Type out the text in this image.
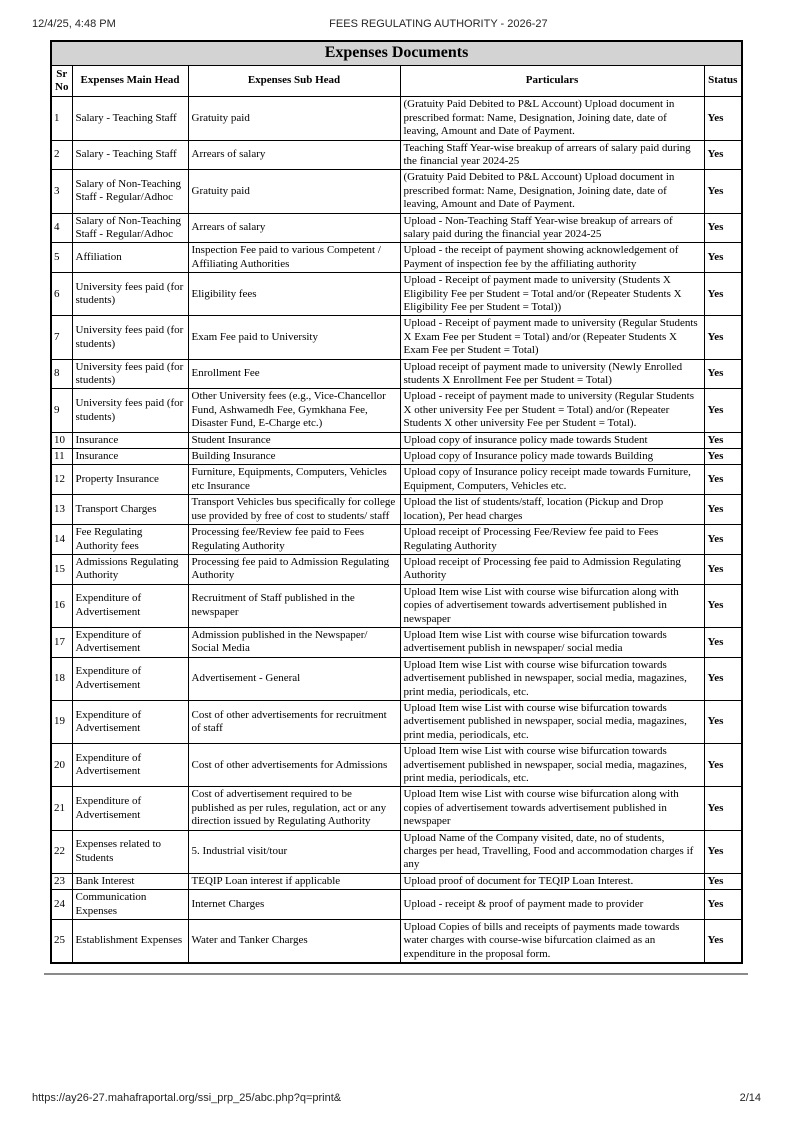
12/4/25, 4:48 PM	FEES REGULATING AUTHORITY - 2026-27
Expenses Documents				
Sr No	Expenses Main Head	Expenses Sub Head	Particulars	Status
1	Salary - Teaching Staff	Gratuity paid	(Gratuity Paid Debited to P&L Account) Upload document in prescribed format: Name, Designation, Joining date, date of leaving, Amount and Date of Payment.	Yes
2	Salary - Teaching Staff	Arrears of salary	Teaching Staff Year-wise breakup of arrears of salary paid during the financial year 2024-25	Yes
3	Salary of Non-Teaching Staff - Regular/Adhoc	Gratuity paid	(Gratuity Paid Debited to P&L Account) Upload document in prescribed format: Name, Designation, Joining date, date of leaving, Amount and Date of Payment.	Yes
4	Salary of Non-Teaching Staff - Regular/Adhoc	Arrears of salary	Upload - Non-Teaching Staff Year-wise breakup of arrears of salary paid during the financial year 2024-25	Yes
5	Affiliation	Inspection Fee paid to various Competent / Affiliating Authorities	Upload - the receipt of payment showing acknowledgement of Payment of inspection fee by the affiliating authority	Yes
6	University fees paid (for students)	Eligibility fees	Upload - Receipt of payment made to university (Students X Eligibility Fee per Student = Total and/or (Repeater Students X Eligibility Fee per Student = Total))	Yes
7	University fees paid (for students)	Exam Fee paid to University	Upload - Receipt of payment made to university (Regular Students X Exam Fee per Student = Total) and/or (Repeater Students X Exam Fee per Student = Total)	Yes
8	University fees paid (for students)	Enrollment Fee	Upload receipt of payment made to university (Newly Enrolled students X Enrollment Fee per Student = Total)	Yes
9	University fees paid (for students)	Other University fees (e.g., Vice-Chancellor Fund, Ashwamedh Fee, Gymkhana Fee, Disaster Fund, E-Charge etc.)	Upload - receipt of payment made to university (Regular Students X other university Fee per Student = Total) and/or (Repeater Students X other university Fee per Student = Total).	Yes
10	Insurance	Student Insurance	Upload copy of insurance policy made towards Student	Yes
11	Insurance	Building Insurance	Upload copy of Insurance policy made towards Building	Yes
12	Property Insurance	Furniture, Equipments, Computers, Vehicles etc Insurance	Upload copy of Insurance policy receipt made towards Furniture, Equipment, Computers, Vehicles etc.	Yes
13	Transport Charges	Transport Vehicles bus specifically for college use provided by free of cost to students/ staff	Upload the list of students/staff, location (Pickup and Drop location), Per head charges	Yes
14	Fee Regulating Authority fees	Processing fee/Review fee paid to Fees Regulating Authority	Upload receipt of Processing Fee/Review fee paid to Fees Regulating Authority	Yes
15	Admissions Regulating Authority	Processing fee paid to Admission Regulating Authority	Upload receipt of Processing fee paid to Admission Regulating Authority	Yes
16	Expenditure of Advertisement	Recruitment of Staff published in the newspaper	Upload Item wise List with course wise bifurcation along with copies of advertisement towards advertisement published in newspaper	Yes
17	Expenditure of Advertisement	Admission published in the Newspaper/ Social Media	Upload Item wise List with course wise bifurcation towards advertisement publish in newspaper/ social media	Yes
18	Expenditure of Advertisement	Advertisement - General	Upload Item wise List with course wise bifurcation towards advertisement published in newspaper, social media, magazines, print media, periodicals, etc.	Yes
19	Expenditure of Advertisement	Cost of other advertisements for recruitment of staff	Upload Item wise List with course wise bifurcation towards advertisement published in newspaper, social media, magazines, print media, periodicals, etc.	Yes
20	Expenditure of Advertisement	Cost of other advertisements for Admissions	Upload Item wise List with course wise bifurcation towards advertisement published in newspaper, social media, magazines, print media, periodicals, etc.	Yes
21	Expenditure of Advertisement	Cost of advertisement required to be published as per rules, regulation, act or any direction issued by Regulating Authority	Upload Item wise List with course wise bifurcation along with copies of advertisement towards advertisement published in newspaper	Yes
22	Expenses related to Students	5. Industrial visit/tour	Upload Name of the Company visited, date, no of students, charges per head, Travelling, Food and accommodation charges if any	Yes
23	Bank Interest	TEQIP Loan interest if applicable	Upload proof of document for TEQIP Loan Interest.	Yes
24	Communication Expenses	Internet Charges	Upload - receipt & proof of payment made to provider	Yes
25	Establishment Expenses	Water and Tanker Charges	Upload Copies of bills and receipts of payments made towards water charges with course-wise bifurcation claimed as an expenditure in the proposal form.	Yes
https://ay26-27.mahafraportal.org/ssi_prp_25/abc.php?q=print&	2/14
